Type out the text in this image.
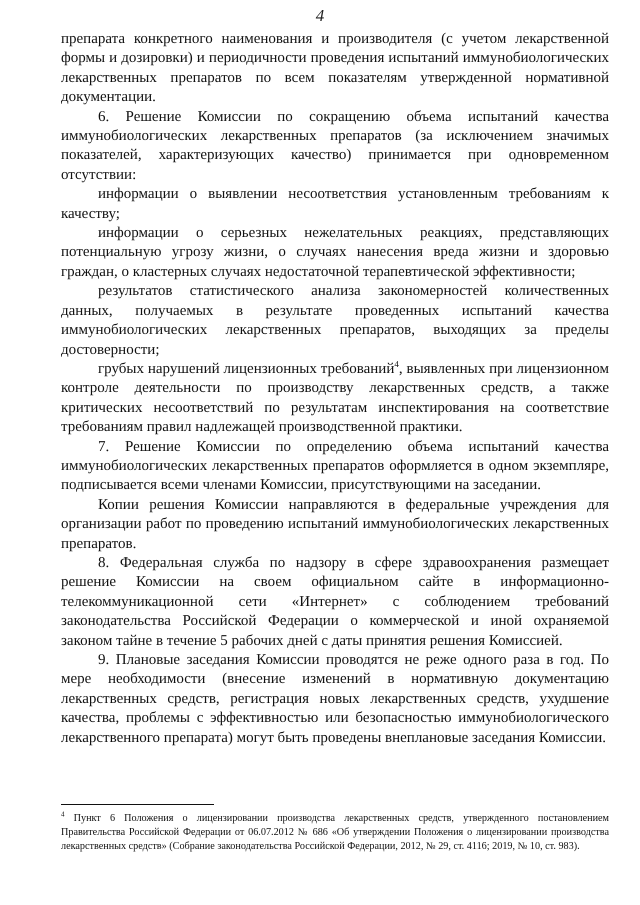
4

препарата конкретного наименования и производителя (с учетом лекарственной формы и дозировки) и периодичности проведения испытаний иммунобиологических лекарственных препаратов по всем показателям утвержденной нормативной документации.

6. Решение Комиссии по сокращению объема испытаний качества иммунобиологических лекарственных препаратов (за исключением значимых показателей, характеризующих качество) принимается при одновременном отсутствии:

информации о выявлении несоответствия установленным требованиям к качеству;

информации о серьезных нежелательных реакциях, представляющих потенциальную угрозу жизни, о случаях нанесения вреда жизни и здоровью граждан, о кластерных случаях недостаточной терапевтической эффективности;

результатов статистического анализа закономерностей количественных данных, получаемых в результате проведенных испытаний качества иммунобиологических лекарственных препаратов, выходящих за пределы достоверности;

грубых нарушений лицензионных требований$^4$, выявленных при лицензионном контроле деятельности по производству лекарственных средств, а также критических несоответствий по результатам инспектирования на соответствие требованиям правил надлежащей производственной практики.

7. Решение Комиссии по определению объема испытаний качества иммунобиологических лекарственных препаратов оформляется в одном экземпляре, подписывается всеми членами Комиссии, присутствующими на заседании.

Копии решения Комиссии направляются в федеральные учреждения для организации работ по проведению испытаний иммунобиологических лекарственных препаратов.

8. Федеральная служба по надзору в сфере здравоохранения размещает решение Комиссии на своем официальном сайте в информационно-телекоммуникационной сети «Интернет» с соблюдением требований законодательства Российской Федерации о коммерческой и иной охраняемой законом тайне в течение 5 рабочих дней с даты принятия решения Комиссией.

9. Плановые заседания Комиссии проводятся не реже одного раза в год. По мере необходимости (внесение изменений в нормативную документацию лекарственных средств, регистрация новых лекарственных средств, ухудшение качества, проблемы с эффективностью или безопасностью иммунобиологического лекарственного препарата) могут быть проведены внеплановые заседания Комиссии.

$^4$ Пункт 6 Положения о лицензировании производства лекарственных средств, утвержденного постановлением Правительства Российской Федерации от 06.07.2012 № 686 «Об утверждении Положения о лицензировании производства лекарственных средств» (Собрание законодательства Российской Федерации, 2012, № 29, ст. 4116; 2019, № 10, ст. 983).
